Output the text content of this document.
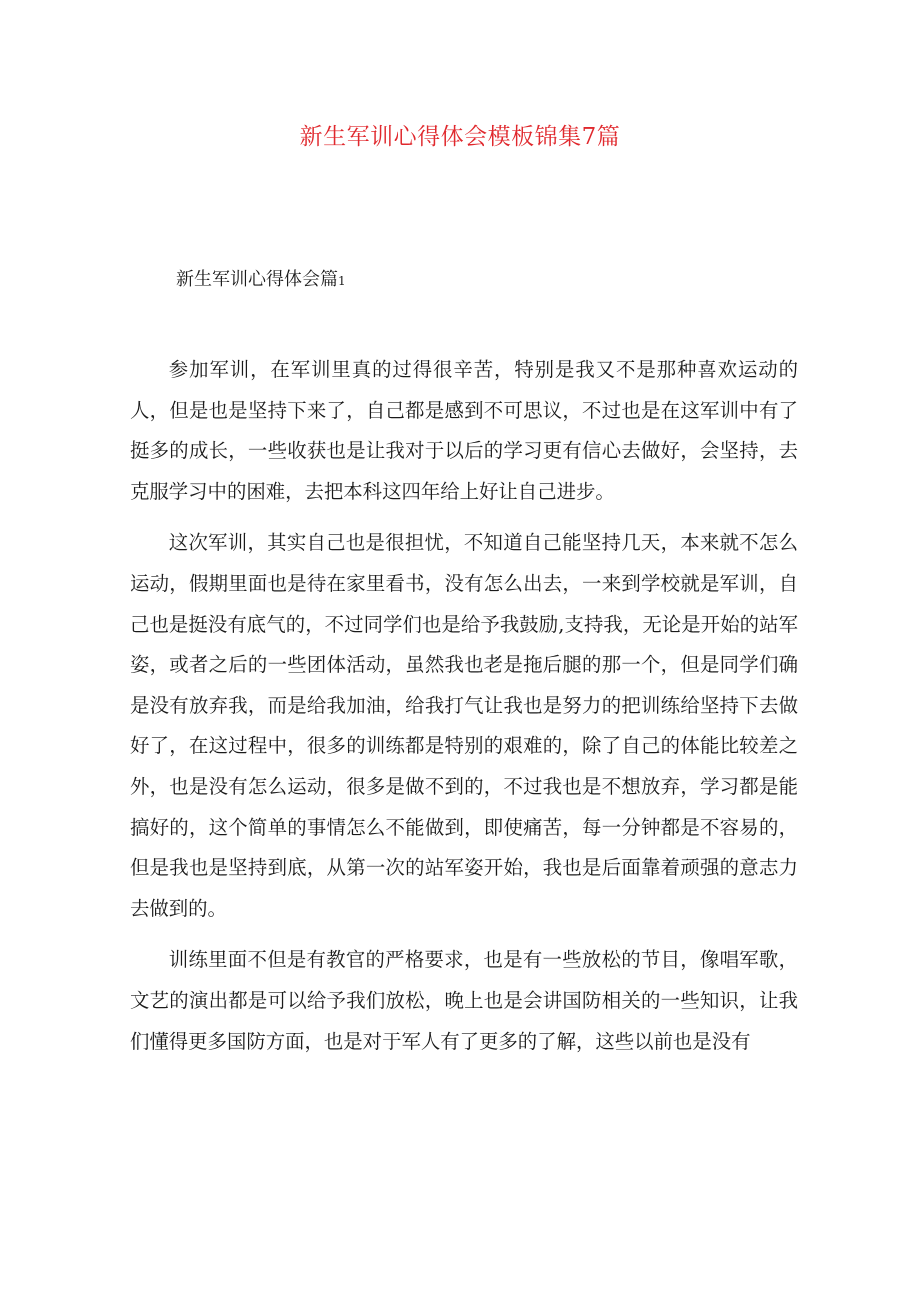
新生军训心得体会模板锦集7篇
新生军训心得体会篇1

参加军训，在军训里真的过得很辛苦，特别是我又不是那种喜欢运动的人，但是也是坚持下来了，自己都是感到不可思议，不过也是在这军训中有了挺多的成长，一些收获也是让我对于以后的学习更有信心去做好，会坚持，去克服学习中的困难，去把本科这四年给上好让自己进步。

这次军训，其实自己也是很担忧，不知道自己能坚持几天，本来就不怎么运动，假期里面也是待在家里看书，没有怎么出去，一来到学校就是军训，自己也是挺没有底气的，不过同学们也是给予我鼓励,支持我，无论是开始的站军姿，或者之后的一些团体活动，虽然我也老是拖后腿的那一个，但是同学们确是没有放弃我，而是给我加油，给我打气让我也是努力的把训练给坚持下去做好了，在这过程中，很多的训练都是特别的艰难的，除了自己的体能比较差之外，也是没有怎么运动，很多是做不到的，不过我也是不想放弃，学习都是能搞好的，这个简单的事情怎么不能做到，即使痛苦，每一分钟都是不容易的，但是我也是坚持到底，从第一次的站军姿开始，我也是后面靠着顽强的意志力去做到的。

训练里面不但是有教官的严格要求，也是有一些放松的节目，像唱军歌，文艺的演出都是可以给予我们放松，晚上也是会讲国防相关的一些知识，让我们懂得更多国防方面，也是对于军人有了更多的了解，这些以前也是没有
